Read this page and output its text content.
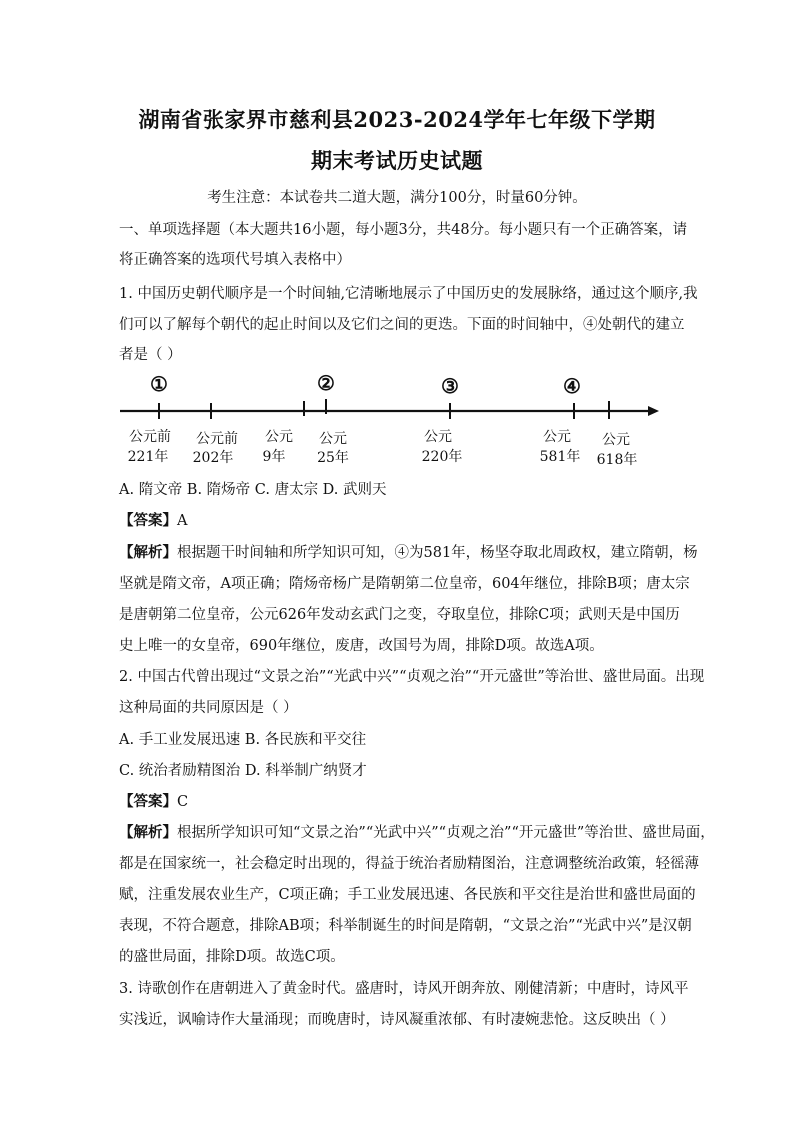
湖南省张家界市慈利县2023-2024学年七年级下学期
期末考试历史试题
考生注意：本试卷共二道大题，满分100分，时量60分钟。
一、单项选择题（本大题共16小题，每小题3分，共48分。每小题只有一个正确答案，请
将正确答案的选项代号填入表格中）
1. 中国历史朝代顺序是一个时间轴,它清晰地展示了中国历史的发展脉络，通过这个顺序,我
们可以了解每个朝代的起止时间以及它们之间的更迭。下面的时间轴中，④处朝代的建立
者是（ ）
①	②	③	④
公元前
221年
公元前
202年
公元
9年
公元
25年
公元
220年
公元
581年
公元
618年
A. 隋文帝 B. 隋炀帝 C. 唐太宗 D. 武则天
【答案】A
【解析】根据题干时间轴和所学知识可知，④为581年，杨坚夺取北周政权，建立隋朝，杨
坚就是隋文帝，A项正确；隋炀帝杨广是隋朝第二位皇帝，604年继位，排除B项；唐太宗
是唐朝第二位皇帝，公元626年发动玄武门之变，夺取皇位，排除C项；武则天是中国历
史上唯一的女皇帝，690年继位，废唐，改国号为周，排除D项。故选A项。
2. 中国古代曾出现过“文景之治”“光武中兴”“贞观之治”“开元盛世”等治世、盛世局面。出现
这种局面的共同原因是（ ）
A. 手工业发展迅速 B. 各民族和平交往
C. 统治者励精图治 D. 科举制广纳贤才
【答案】C
【解析】根据所学知识可知“文景之治”“光武中兴”“贞观之治”“开元盛世”等治世、盛世局面，
都是在国家统一，社会稳定时出现的，得益于统治者励精图治，注意调整统治政策，轻徭薄
赋，注重发展农业生产，C项正确；手工业发展迅速、各民族和平交往是治世和盛世局面的
表现，不符合题意，排除AB项；科举制诞生的时间是隋朝，“文景之治”“光武中兴”是汉朝
的盛世局面，排除D项。故选C项。
3. 诗歌创作在唐朝进入了黄金时代。盛唐时，诗风开朗奔放、刚健清新；中唐时，诗风平
实浅近，讽喻诗作大量涌现；而晚唐时，诗风凝重浓郁、有时凄婉悲怆。这反映出（ ）
